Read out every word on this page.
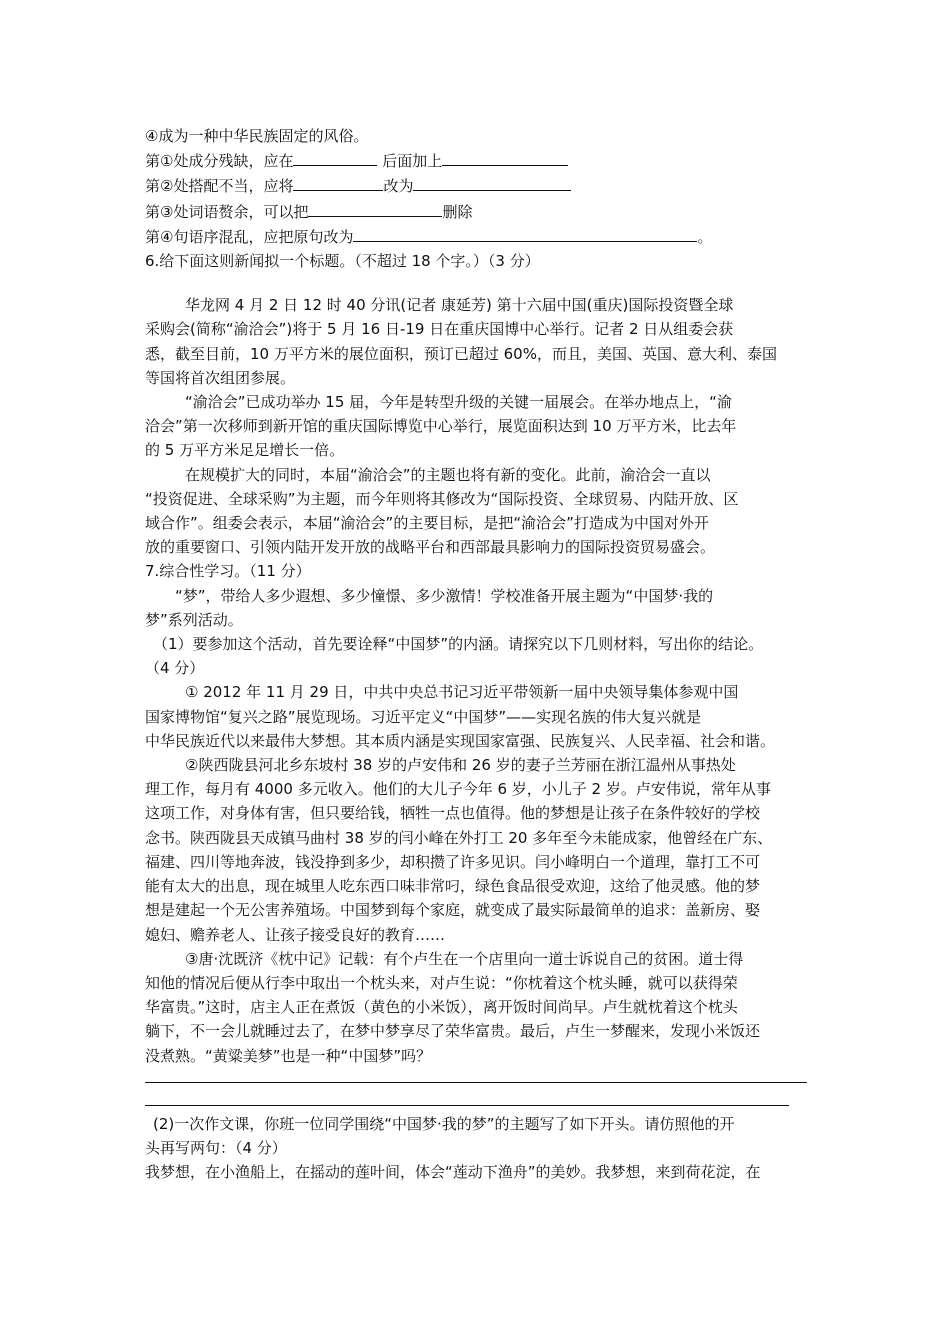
④成为一种中华民族固定的风俗。

第①处成分残缺，应在	后面加上

第②处搭配不当，应将	改为

第③处词语赘余，可以把	删除

第④句语序混乱，应把原句改为	。

6.给下面这则新闻拟一个标题。（不超过 18 个字。）（3 分）

华龙网 4 月 2 日 12 时 40 分讯(记者 康延芳) 第十六届中国(重庆)国际投资暨全球

采购会(简称“渝洽会”)将于 5 月 16 日-19 日在重庆国博中心举行。记者 2 日从组委会获

悉，截至目前，10 万平方米的展位面积，预订已超过 60%，而且，美国、英国、意大利、泰国

等国将首次组团参展。

“渝洽会”已成功举办 15 届，今年是转型升级的关键一届展会。在举办地点上，“渝

洽会”第一次移师到新开馆的重庆国际博览中心举行，展览面积达到 10 万平方米，比去年

的 5 万平方米足足增长一倍。

在规模扩大的同时，本届“渝洽会”的主题也将有新的变化。此前，渝洽会一直以

“投资促进、全球采购”为主题，而今年则将其修改为“国际投资、全球贸易、内陆开放、区

域合作”。组委会表示，本届“渝洽会”的主要目标，是把“渝洽会”打造成为中国对外开

放的重要窗口、引领内陆开发开放的战略平台和西部最具影响力的国际投资贸易盛会。

7.综合性学习。（11 分）

“梦”，带给人多少遐想、多少憧憬、多少激情！学校准备开展主题为“中国梦·我的

梦”系列活动。

（1）要参加这个活动，首先要诠释“中国梦”的内涵。请探究以下几则材料，写出你的结论。

（4 分）

① 2012 年 11 月 29 日，中共中央总书记习近平带领新一届中央领导集体参观中国

国家博物馆“复兴之路”展览现场。习近平定义“中国梦”——实现名族的伟大复兴就是

中华民族近代以来最伟大梦想。其本质内涵是实现国家富强、民族复兴、人民幸福、社会和谐。

②陕西陇县河北乡东坡村 38 岁的卢安伟和 26 岁的妻子兰芳丽在浙江温州从事热处

理工作，每月有 4000 多元收入。他们的大儿子今年 6 岁，小儿子 2 岁。卢安伟说，常年从事

这项工作，对身体有害，但只要给钱，牺牲一点也值得。他的梦想是让孩子在条件较好的学校

念书。陕西陇县天成镇马曲村 38 岁的闫小峰在外打工 20 多年至今未能成家，他曾经在广东、

福建、四川等地奔波，钱没挣到多少，却积攒了许多见识。闫小峰明白一个道理，靠打工不可

能有太大的出息，现在城里人吃东西口味非常叼，绿色食品很受欢迎，这给了他灵感。他的梦

想是建起一个无公害养殖场。中国梦到每个家庭，就变成了最实际最简单的追求：盖新房、娶

媳妇、赡养老人、让孩子接受良好的教育……

③唐·沈既济《枕中记》记载：有个卢生在一个店里向一道士诉说自己的贫困。道士得

知他的情况后便从行李中取出一个枕头来，对卢生说：“你枕着这个枕头睡，就可以获得荣

华富贵。”这时，店主人正在煮饭（黄色的小米饭），离开饭时间尚早。卢生就枕着这个枕头

躺下，不一会儿就睡过去了，在梦中梦享尽了荣华富贵。最后，卢生一梦醒来，发现小米饭还

没煮熟。“黄粱美梦”也是一种“中国梦”吗？

(2)一次作文课，你班一位同学围绕“中国梦·我的梦”的主题写了如下开头。请仿照他的开

头再写两句：（4 分）

我梦想，在小渔船上，在摇动的莲叶间，体会“莲动下渔舟”的美妙。我梦想，来到荷花淀，在
